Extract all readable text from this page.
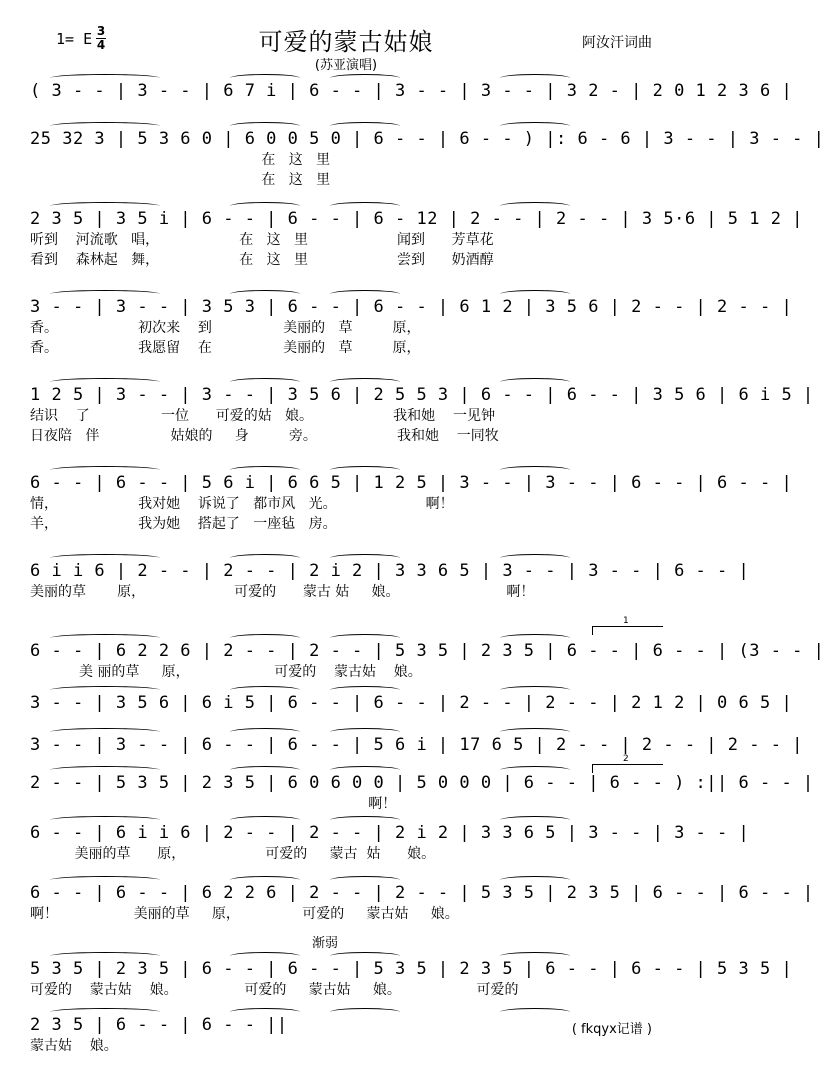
1= E 3
4	可爱的蒙古姑娘
(苏亚演唱)
阿汝汗词曲
( 3 - - | 3 - - | 6 7 i | 6 - - | 3 - - | 3 - - | 3 2 - | 2 0 1 2 3 6 |
25 32 3 | 5 3 6 0 | 6 0 0 5 0 | 6 - - | 6 - - ) |: 6 - 6 | 3 - - | 3 - - |
在   这   里
在   这   里
2 3 5 | 3 5 i | 6 - - | 6 - - | 6 - 12 | 2 - - | 2 - - | 3 5·6 | 5 1 2 |
听到    河流歌   唱，                  在   这   里                    闻到      芳草花
看到    森林起   舞，                  在   这   里                    尝到      奶酒醇
3 - - | 3 - - | 3 5 3 | 6 - - | 6 - - | 6 1 2 | 3 5 6 | 2 - - | 2 - - |
香。                  初次来    到                美丽的   草         原，
香。                  我愿留    在                美丽的   草         原，
1 2 5 | 3 - - | 3 - - | 3 5 6 | 2 5 5 3 | 6 - - | 6 - - | 3 5 6 | 6 i 5 |
结识    了                一位      可爱的姑   娘。                  我和她    一见钟
日夜陪   伴                姑娘的     身         旁。                  我和她    一同牧
6 - - | 6 - - | 5 6 i | 6 6 5 | 1 2 5 | 3 - - | 3 - - | 6 - - | 6 - - |
情，                  我对她    诉说了   都市风   光。                    啊！
羊，                  我为她    搭起了   一座毡   房。
6 i i 6 | 2 - - | 2 - - | 2 i 2 | 3 3 6 5 | 3 - - | 3 - - | 6 - - |
美丽的草       原，                    可爱的      蒙古 姑     娘。                        啊！
6 - - | 6 2 2 6 | 2 - - | 2 - - | 5 3 5 | 2 3 5 | 6 - - | 6 - - | (3 - - |
美 丽的草     原，                   可爱的    蒙古姑    娘。
3 - - | 3 5 6 | 6 i 5 | 6 - - | 6 - - | 2 - - | 2 - - | 2 1 2 | 0 6 5 |
3 - - | 3 - - | 6 - - | 6 - - | 5 6 i | 17 6 5 | 2 - - | 2 - - | 2 - - |
2 - - | 5 3 5 | 2 3 5 | 6 0 6 0 0 | 5 0 0 0 | 6 - - | 6 - - ) :|| 6 - - |
啊！
6 - - | 6 i i 6 | 2 - - | 2 - - | 2 i 2 | 3 3 6 5 | 3 - - | 3 - - |
美丽的草      原，                  可爱的     蒙古  姑      娘。
6 - - | 6 - - | 6 2 2 6 | 2 - - | 2 - - | 5 3 5 | 2 3 5 | 6 - - | 6 - - |
啊！                 美丽的草     原，              可爱的     蒙古姑     娘。
5 3 5 | 2 3 5 | 6 - - | 6 - - | 5 3 5 | 2 3 5 | 6 - - | 6 - - | 5 3 5 |
可爱的    蒙古姑    娘。               可爱的     蒙古姑     娘。                 可爱的
2 3 5 | 6 - - | 6 - - ||
蒙古姑    娘。
1
2
渐弱
( fkqyx记谱 )
